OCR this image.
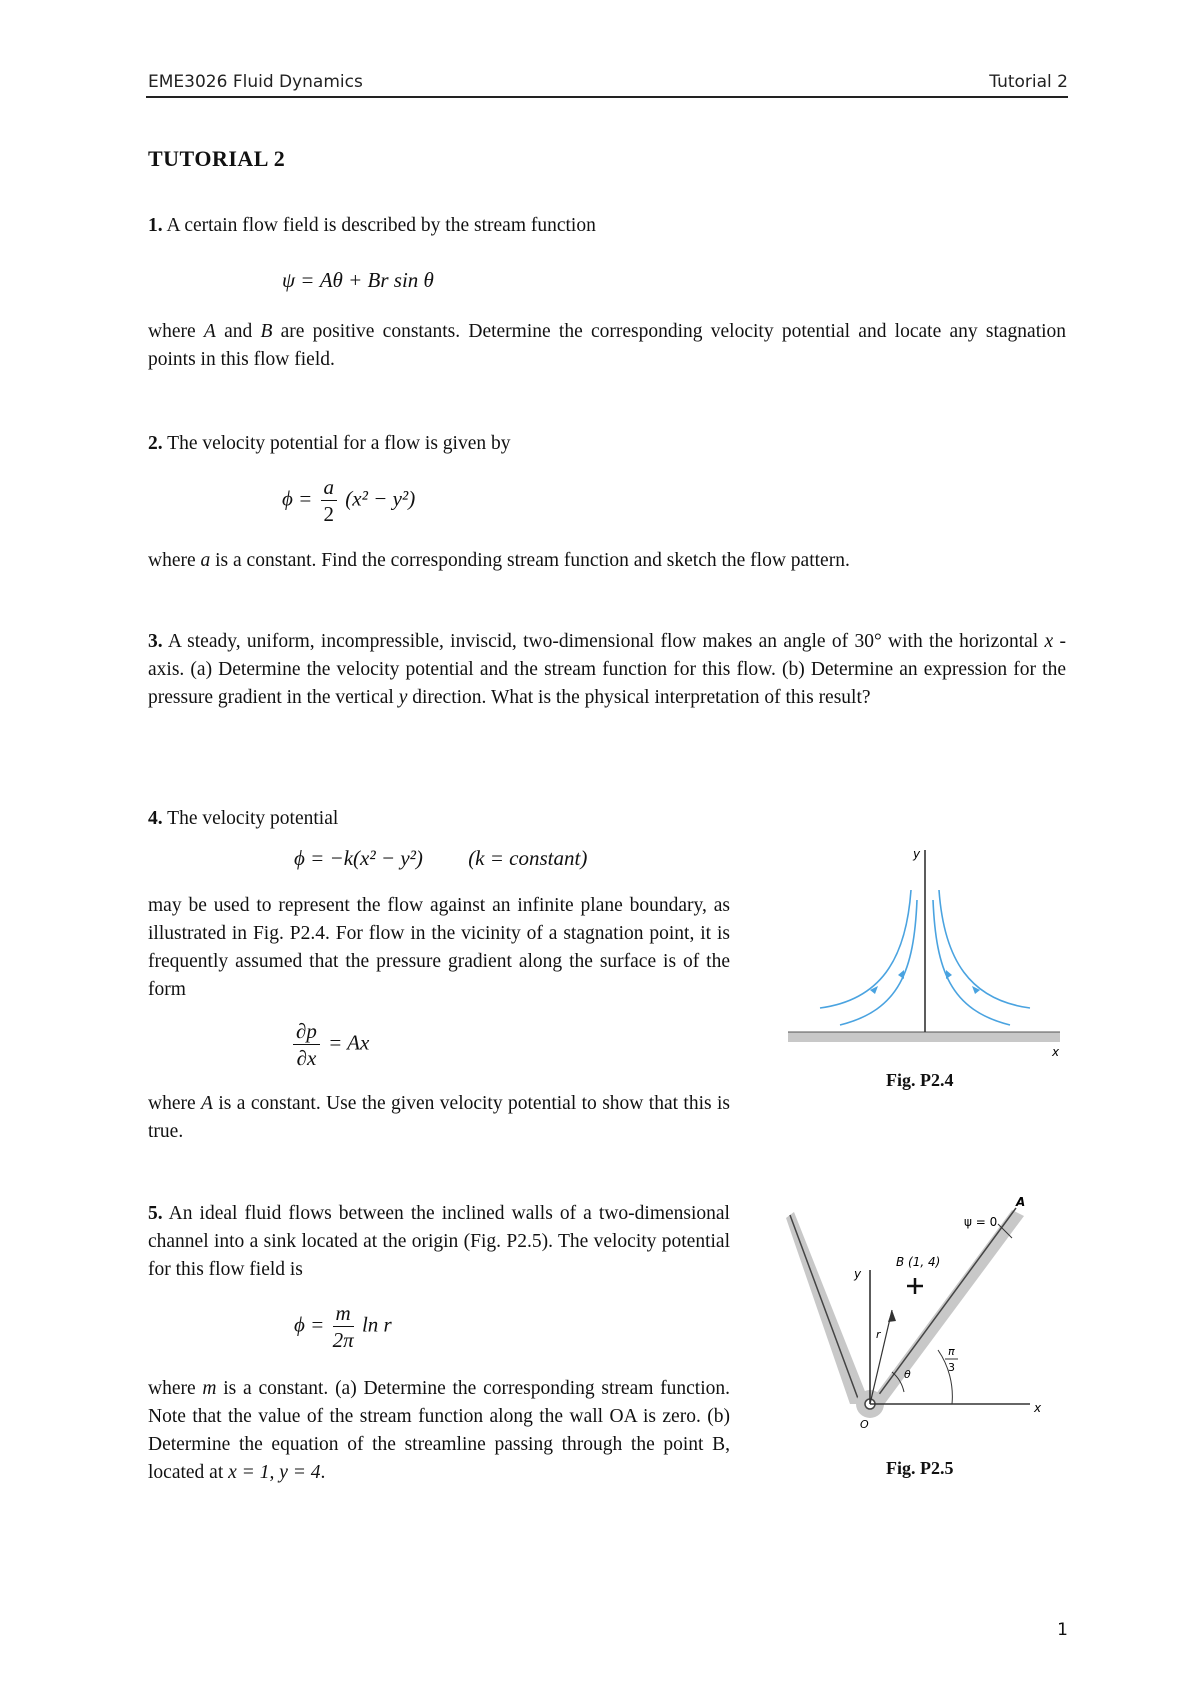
EME3026 Fluid Dynamics	Tutorial 2
TUTORIAL 2
1. A certain flow field is described by the stream function
ψ = Aθ + Br sin θ
where A and B are positive constants. Determine the corresponding velocity potential and locate any stagnation points in this flow field.
2. The velocity potential for a flow is given by
$\phi = \frac{a}{2} (x^2 - y^2)$
where a is a constant. Find the corresponding stream function and sketch the flow pattern.
3. A steady, uniform, incompressible, inviscid, two-dimensional flow makes an angle of 30° with the horizontal x - axis. (a) Determine the velocity potential and the stream function for this flow. (b) Determine an expression for the pressure gradient in the vertical y direction. What is the physical interpretation of this result?
4. The velocity potential
ϕ = −k(x² − y²) (k = constant)
may be used to represent the flow against an infinite plane boundary, as illustrated in Fig. P2.4. For flow in the vicinity of a stagnation point, it is frequently assumed that the pressure gradient along the surface is of the form
$\frac{\partial p}{\partial x} = Ax$
where A is a constant. Use the given velocity potential to show that this is true.
y
x
Fig. P2.4
5. An ideal fluid flows between the inclined walls of a two-dimensional channel into a sink located at the origin (Fig. P2.5). The velocity potential for this flow field is
$\phi = \frac{m}{2\pi}$ ln r
where m is a constant. (a) Determine the corresponding stream function. Note that the value of the stream function along the wall OA is zero. (b) Determine the equation of the streamline passing through the point B, located at x = 1, y = 4.
ψ = 0
A
B (1, 4)
y
x
r
θ
π
3
O
Fig. P2.5
1
